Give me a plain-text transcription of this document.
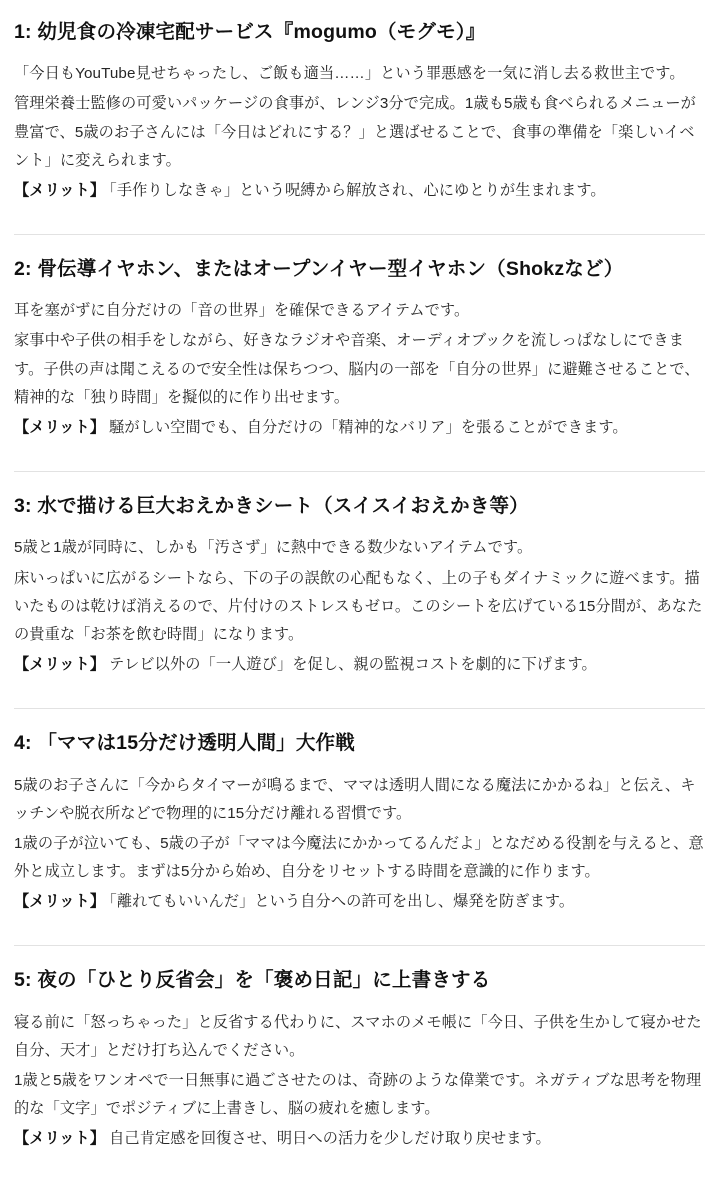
1: 幼児食の冷凍宅配サービス『mogumo（モグモ）』

「今日もYouTube見せちゃったし、ご飯も適当……」という罪悪感を一気に消し去る救世主です。

管理栄養士監修の可愛いパッケージの食事が、レンジ3分で完成。1歳も5歳も食べられるメニューが豊富で、5歳のお子さんには「今日はどれにする？」と選ばせることで、食事の準備を「楽しいイベント」に変えられます。

【メリット】 「手作りしなきゃ」という呪縛から解放され、心にゆとりが生まれます。

2: 骨伝導イヤホン、またはオープンイヤー型イヤホン（Shokzなど）

耳を塞がずに自分だけの「音の世界」を確保できるアイテムです。

家事中や子供の相手をしながら、好きなラジオや音楽、オーディオブックを流しっぱなしにできます。子供の声は聞こえるので安全性は保ちつつ、脳内の一部を「自分の世界」に避難させることで、精神的な「独り時間」を擬似的に作り出せます。

【メリット】 騒がしい空間でも、自分だけの「精神的なバリア」を張ることができます。

3: 水で描ける巨大おえかきシート（スイスイおえかき等）

5歳と1歳が同時に、しかも「汚さず」に熱中できる数少ないアイテムです。

床いっぱいに広がるシートなら、下の子の誤飲の心配もなく、上の子もダイナミックに遊べます。描いたものは乾けば消えるので、片付けのストレスもゼロ。このシートを広げている15分間が、あなたの貴重な「お茶を飲む時間」になります。

【メリット】 テレビ以外の「一人遊び」を促し、親の監視コストを劇的に下げます。

4: 「ママは15分だけ透明人間」大作戦

5歳のお子さんに「今からタイマーが鳴るまで、ママは透明人間になる魔法にかかるね」と伝え、キッチンや脱衣所などで物理的に15分だけ離れる習慣です。

1歳の子が泣いても、5歳の子が「ママは今魔法にかかってるんだよ」となだめる役割を与えると、意外と成立します。まずは5分から始め、自分をリセットする時間を意識的に作ります。

【メリット】 「離れてもいいんだ」という自分への許可を出し、爆発を防ぎます。

5: 夜の「ひとり反省会」を「褒め日記」に上書きする

寝る前に「怒っちゃった」と反省する代わりに、スマホのメモ帳に「今日、子供を生かして寝かせた自分、天才」とだけ打ち込んでください。

1歳と5歳をワンオペで一日無事に過ごさせたのは、奇跡のような偉業です。ネガティブな思考を物理的な「文字」でポジティブに上書きし、脳の疲れを癒します。

【メリット】 自己肯定感を回復させ、明日への活力を少しだけ取り戻せます。
